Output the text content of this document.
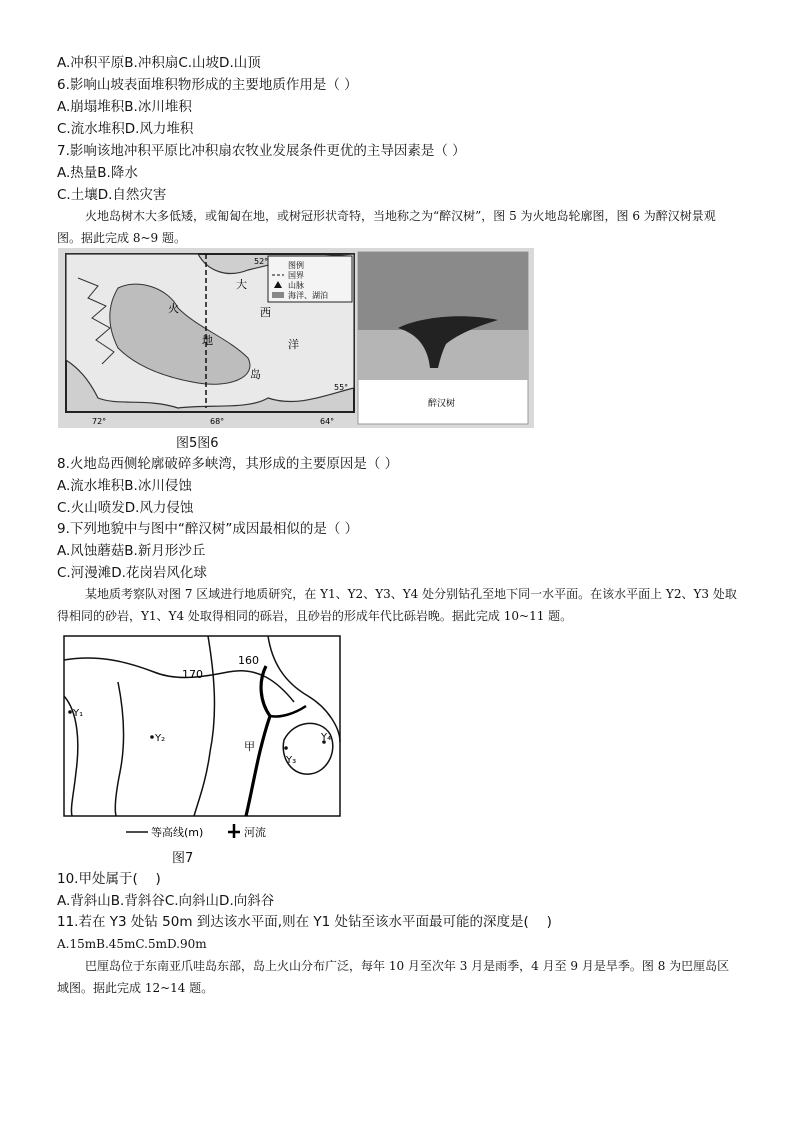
A.冲积平原B.冲积扇C.山坡D.山顶
6.影响山坡表面堆积物形成的主要地质作用是（ ）
A.崩塌堆积B.冰川堆积
C.流水堆积D.风力堆积
7.影响该地冲积平原比冲积扇农牧业发展条件更优的主导因素是（ ）
A.热量B.降水
C.土壤D.自然灾害
火地岛树木大多低矮，或匍匐在地，或树冠形状奇特，当地称之为“醉汉树”，图 5 为火地岛轮廓图，图 6 为醉汉树景观图。据此完成 8~9 题。
图例
国界
山脉
海洋、湖泊
52°
55°
72°	68°	64°
大
西
洋
火
地
岛
醉汉树
图5图6
8.火地岛西侧轮廓破碎多峡湾，其形成的主要原因是（ ）
A.流水堆积B.冰川侵蚀
C.火山喷发D.风力侵蚀
9.下列地貌中与图中“醉汉树”成因最相似的是（ ）
A.风蚀蘑菇B.新月形沙丘
C.河漫滩D.花岗岩风化球
某地质考察队对图 7 区域进行地质研究，在 Y1、Y2、Y3、Y4 处分别钻孔至地下同一水平面。在该水平面上 Y2、Y3 处取得相同的砂岩，Y1、Y4 处取得相同的砾岩，且砂岩的形成年代比砾岩晚。据此完成 10~11 题。
170
160
Y₁
Y₂
Y₃
Y₄
甲
等高线(m)	河流
图7
10.甲处属于(　 )
A.背斜山B.背斜谷C.向斜山D.向斜谷
11.若在 Y3 处钻 50m 到达该水平面,则在 Y1 处钻至该水平面最可能的深度是(　 )
A.15mB.45mC.5mD.90m
巴厘岛位于东南亚爪哇岛东部，岛上火山分布广泛，每年 10 月至次年 3 月是雨季，4 月至 9 月是旱季。图 8 为巴厘岛区域图。据此完成 12~14 题。
